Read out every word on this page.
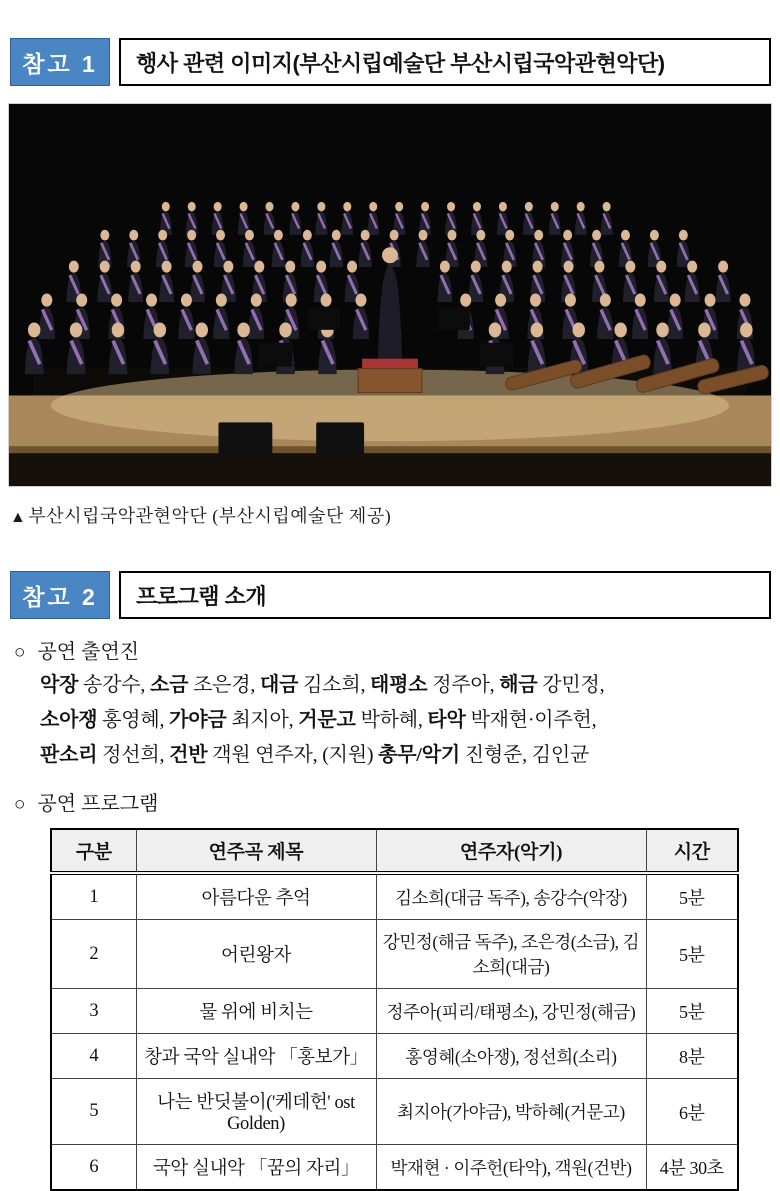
참고 1	행사 관련 이미지(부산시립예술단 부산시립국악관현악단)
▲ 부산시립국악관현악단 (부산시립예술단 제공)
참고 2	프로그램 소개
○ 공연 출연진
악장 송강수, 소금 조은경, 대금 김소희, 태평소 정주아, 해금 강민정,
소아쟁 홍영혜, 가야금 최지아, 거문고 박하혜, 타악 박재현·이주헌,
판소리 정선희, 건반 객원 연주자, (지원) 총무/악기 진형준, 김인균
○ 공연 프로그램
구분	연주곡 제목	연주자(악기)	시간
1	아름다운 추억	김소희(대금 독주), 송강수(악장)	5분
2	어린왕자	강민정(해금 독주), 조은경(소금), 김소희(대금)	5분
3	물 위에 비치는	정주아(피리/태평소), 강민정(해금)	5분
4	창과 국악 실내악 「홍보가」	홍영혜(소아쟁), 정선희(소리)	8분
5	나는 반딧불이('케데헌' ost Golden)	최지아(가야금), 박하혜(거문고)	6분
6	국악 실내악 「꿈의 자리」	박재현 · 이주헌(타악), 객원(건반)	4분 30초
